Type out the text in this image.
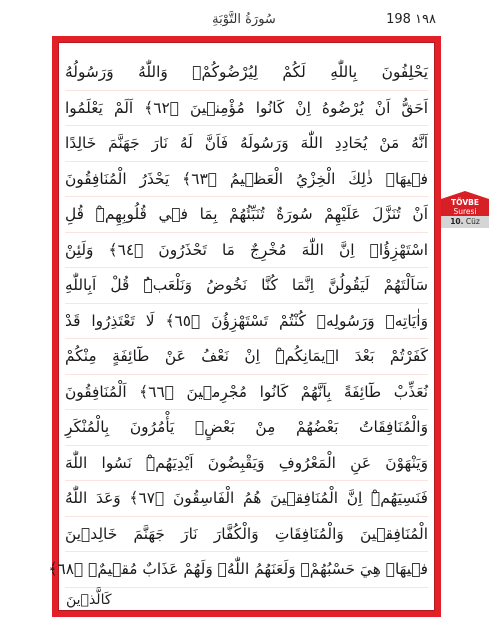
سُورَةُ التَّوْبَةِ	198 ١٩٨
يَحْلِفُونَ بِاللّٰهِ لَكُمْ لِيُرْضُوكُمْۚ وَاللّٰهُ وَرَسُولُهُ
اَحَقُّ اَنْ يُرْضُوهُ اِنْ كَانُوا مُؤْمِن۪ينَ ﴿٦٢﴾ اَلَمْ يَعْلَمُوا
اَنَّهُ مَنْ يُحَادِدِ اللّٰهَ وَرَسُولَهُ فَاَنَّ لَهُ نَارَ جَهَنَّمَ خَالِدًا
ف۪يهَاۜ ذٰلِكَ الْخِزْيُ الْعَظ۪يمُ ﴿٦٣﴾ يَحْذَرُ الْمُنَافِقُونَ
اَنْ تُنَزَّلَ عَلَيْهِمْ سُورَةٌ تُنَبِّئُهُمْ بِمَا ف۪ي قُلُوبِهِمْۜ قُلِ
اسْتَهْزِؤُاۚ اِنَّ اللّٰهَ مُخْرِجٌ مَا تَحْذَرُونَ ﴿٦٤﴾ وَلَئِنْ
سَاَلْتَهُمْ لَيَقُولُنَّ اِنَّمَا كُنَّا نَخُوضُ وَنَلْعَبُۜ قُلْ اَبِاللّٰهِ
وَاٰيَاتِه۪ وَرَسُولِه۪ كُنْتُمْ تَسْتَهْزِؤُنَ ﴿٦٥﴾ لَا تَعْتَذِرُوا قَدْ
كَفَرْتُمْ بَعْدَ ا۪يمَانِكُمْۜ اِنْ نَعْفُ عَنْ طَٓائِفَةٍ مِنْكُمْ
نُعَذِّبْ طَٓائِفَةً بِاَنَّهُمْ كَانُوا مُجْرِم۪ينَ ﴿٦٦﴾ اَلْمُنَافِقُونَ
وَالْمُنَافِقَاتُ بَعْضُهُمْ مِنْ بَعْضٍۢ يَأْمُرُونَ بِالْمُنْكَرِ
وَيَنْهَوْنَ عَنِ الْمَعْرُوفِ وَيَقْبِضُونَ اَيْدِيَهُمْۜ نَسُوا اللّٰهَ
فَنَسِيَهُمْۜ اِنَّ الْمُنَافِق۪ينَ هُمُ الْفَاسِقُونَ ﴿٦٧﴾ وَعَدَ اللّٰهُ
الْمُنَافِق۪ينَ وَالْمُنَافِقَاتِ وَالْكُفَّارَ نَارَ جَهَنَّمَ خَالِد۪ينَ
ف۪يهَاۜ هِيَ حَسْبُهُمْۚ وَلَعَنَهُمُ اللّٰهُۚ وَلَهُمْ عَذَابٌ مُق۪يمٌۙ ﴿٦٨﴾
كَالَّذ۪ينَ
TÖVBE
Suresi
10. Cüz
